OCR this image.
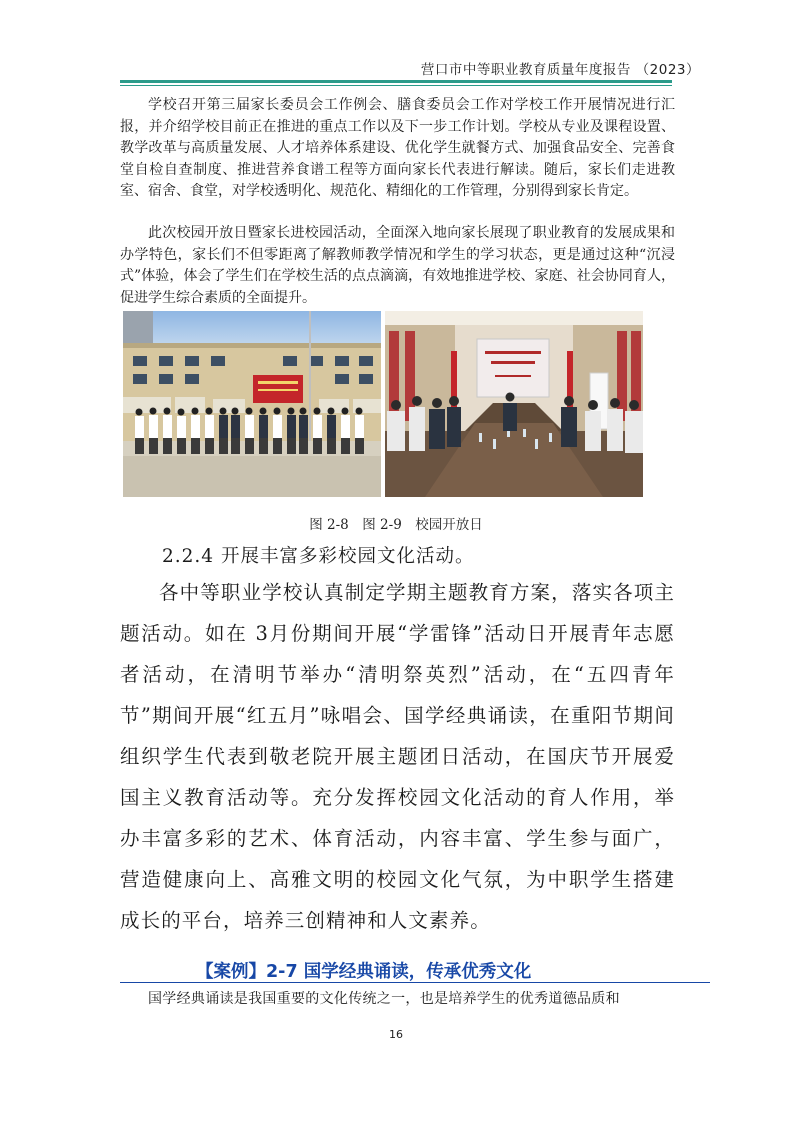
营口市中等职业教育质量年度报告 （2023）

学校召开第三届家长委员会工作例会、膳食委员会工作对学校工作开展情况进行汇报，并介绍学校目前正在推进的重点工作以及下一步工作计划。学校从专业及课程设置、教学改革与高质量发展、人才培养体系建设、优化学生就餐方式、加强食品安全、完善食堂自检自查制度、推进营养食谱工程等方面向家长代表进行解读。随后，家长们走进教室、宿舍、食堂，对学校透明化、规范化、精细化的工作管理，分别得到家长肯定。

此次校园开放日暨家长进校园活动，全面深入地向家长展现了职业教育的发展成果和办学特色，家长们不但零距离了解教师教学情况和学生的学习状态，更是通过这种“沉浸式”体验，体会了学生们在学校生活的点点滴滴，有效地推进学校、家庭、社会协同育人，促进学生综合素质的全面提升。

图 2-8　图 2-9　校园开放日
2.2.4 开展丰富多彩校园文化活动。

各中等职业学校认真制定学期主题教育方案，落实各项主题活动。如在 3月份期间开展“学雷锋”活动日开展青年志愿者活动，在清明节举办“清明祭英烈”活动，在“五四青年节”期间开展“红五月”咏唱会、国学经典诵读，在重阳节期间组织学生代表到敬老院开展主题团日活动，在国庆节开展爱国主义教育活动等。充分发挥校园文化活动的育人作用，举办丰富多彩的艺术、体育活动，内容丰富、学生参与面广，营造健康向上、高雅文明的校园文化气氛，为中职学生搭建成长的平台，培养三创精神和人文素养。

【案例】2-7 国学经典诵读，传承优秀文化

国学经典诵读是我国重要的文化传统之一，也是培养学生的优秀道德品质和

16
